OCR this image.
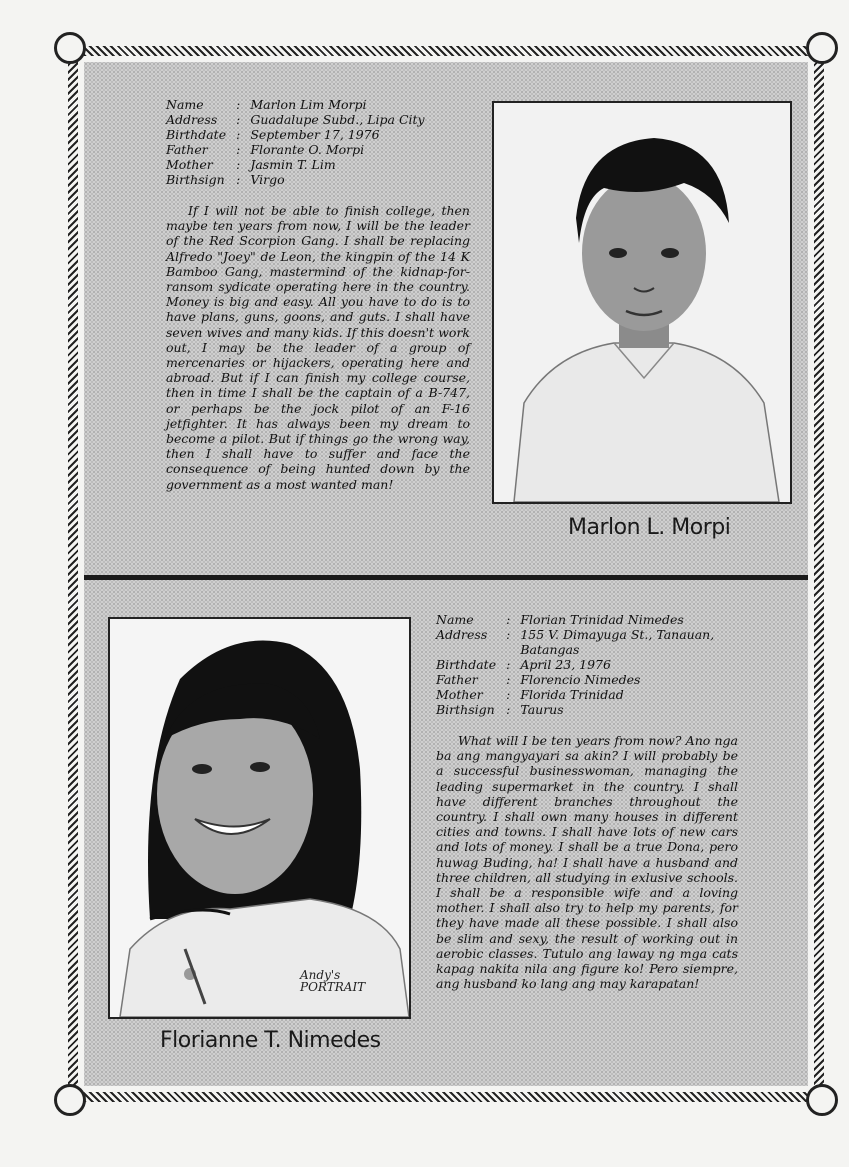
Name	:	Marlon Lim Morpi
Address	:	Guadalupe Subd., Lipa City
Birthdate	:	September 17, 1976
Father	:	Florante O. Morpi
Mother	:	Jasmin T. Lim
Birthsign	:	Virgo

If I will not be able to finish college, then maybe ten years from now, I will be the leader of the Red Scorpion Gang. I shall be replacing Alfredo "Joey" de Leon, the kingpin of the 14 K Bamboo Gang, mastermind of the kidnap-for-ransom sydicate operating here in the country. Money is big and easy. All you have to do is to have plans, guns, goons, and guts. I shall have seven wives and many kids. If this doesn't work out, I may be the leader of a group of mercenaries or hijackers, operating here and abroad. But if I can finish my college course, then in time I shall be the captain of a B-747, or perhaps be the jock pilot of an F-16 jetfighter. It has always been my dream to become a pilot. But if things go the wrong way, then I shall have to suffer and face the consequence of being hunted down by the government as a most wanted man!

Marlon L. Morpi
Andy's PORTRAIT
Name	:	Florian Trinidad Nimedes
Address	:	155 V. Dimayuga St., Tanauan, Batangas
Birthdate	:	April 23, 1976
Father	:	Florencio Nimedes
Mother	:	Florida Trinidad
Birthsign	:	Taurus

What will I be ten years from now? Ano nga ba ang mangyayari sa akin? I will probably be a successful businesswoman, managing the leading supermarket in the country. I shall have different branches throughout the country. I shall own many houses in different cities and towns. I shall have lots of new cars and lots of money. I shall be a true Dona, pero huwag Buding, ha! I shall have a husband and three children, all studying in exlusive schools. I shall be a responsible wife and a loving mother. I shall also try to help my parents, for they have made all these possible. I shall also be slim and sexy, the result of working out in aerobic classes. Tutulo ang laway ng mga cats kapag nakita nila ang figure ko! Pero siempre, ang husband ko lang ang may karapatan!

Florianne T. Nimedes
